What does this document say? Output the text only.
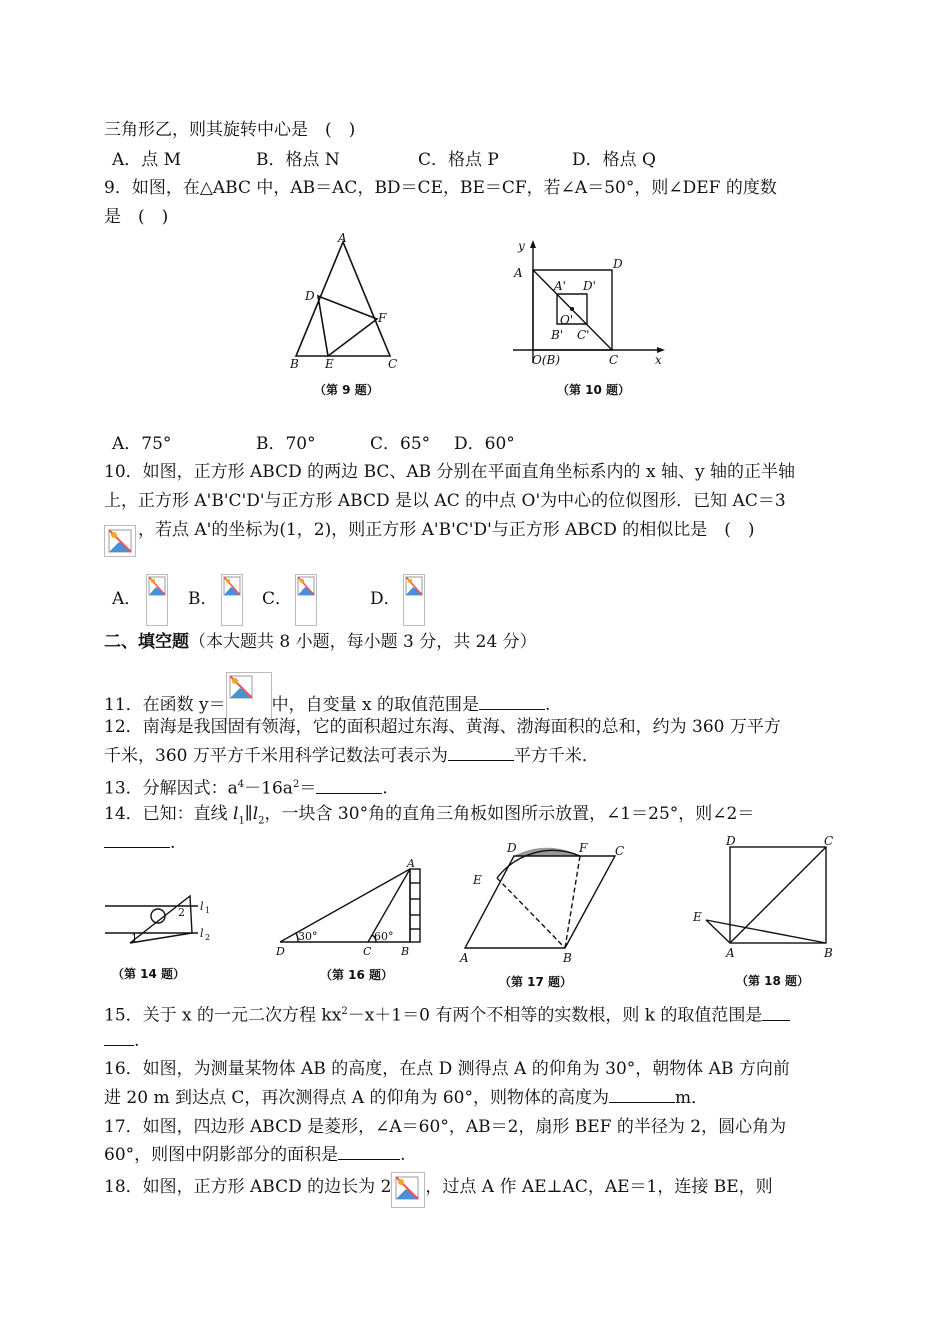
三角形乙，则其旋转中心是　(　)
A．点 M	B．格点 N	C．格点 P	D．格点 Q
9．如图，在△ABC 中，AB＝AC，BD＝CE，BE＝CF，若∠A＝50°，则∠DEF 的度数
是　(　)
A
B	C
D
E
F
（第 9 题）
y
x
A
D
A' D'
O'
B' C'
O(B)	C
（第 10 题）
A．75°	B．70°	C．65° D．60°
10．如图，正方形 ABCD 的两边 BC、AB 分别在平面直角坐标系内的 x 轴、y 轴的正半轴
上，正方形 A'B'C'D'与正方形 ABCD 是以 AC 的中点 O'为中心的位似图形．已知 AC＝3
，若点 A'的坐标为(1，2)，则正方形 A'B'C'D'与正方形 ABCD 的相似比是　(　)
A．	B．	C．	D．
二、填空题（本大题共 8 小题，每小题 3 分，共 24 分）
11．在函数 y＝	中，自变量 x 的取值范围是	.
12．南海是我国固有领海，它的面积超过东海、黄海、渤海面积的总和，约为 360 万平方
千米，360 万平方千米用科学记数法可表示为	平方千米．
13．分解因式：$a^4-16a^2=$	.
14．已知：直线 $l_1\parallel l_2$，一块含 30°角的直角三角板如图所示放置，∠1＝25°，则∠2＝
.
1
2 l 1
l 2
（第 14 题）
A
D	C	B
30°	60°
（第 16 题）
D	F C
E
A	B
（第 17 题）
D	C
E
A	B
（第 18 题）
15．关于 x 的一元二次方程 $kx^2-x+1=0$ 有两个不相等的实数根，则 k 的取值范围是
.
16．如图，为测量某物体 AB 的高度，在点 D 测得点 A 的仰角为 30°，朝物体 AB 方向前
进 20 m 到达点 C，再次测得点 A 的仰角为 60°，则物体的高度为	m．
17．如图，四边形 ABCD 是菱形，∠A＝60°，AB＝2，扇形 BEF 的半径为 2，圆心角为
60°，则图中阴影部分的面积是	.
18．如图，正方形 ABCD 的边长为 2 ，过点 A 作 AE⊥AC，AE＝1，连接 BE，则
